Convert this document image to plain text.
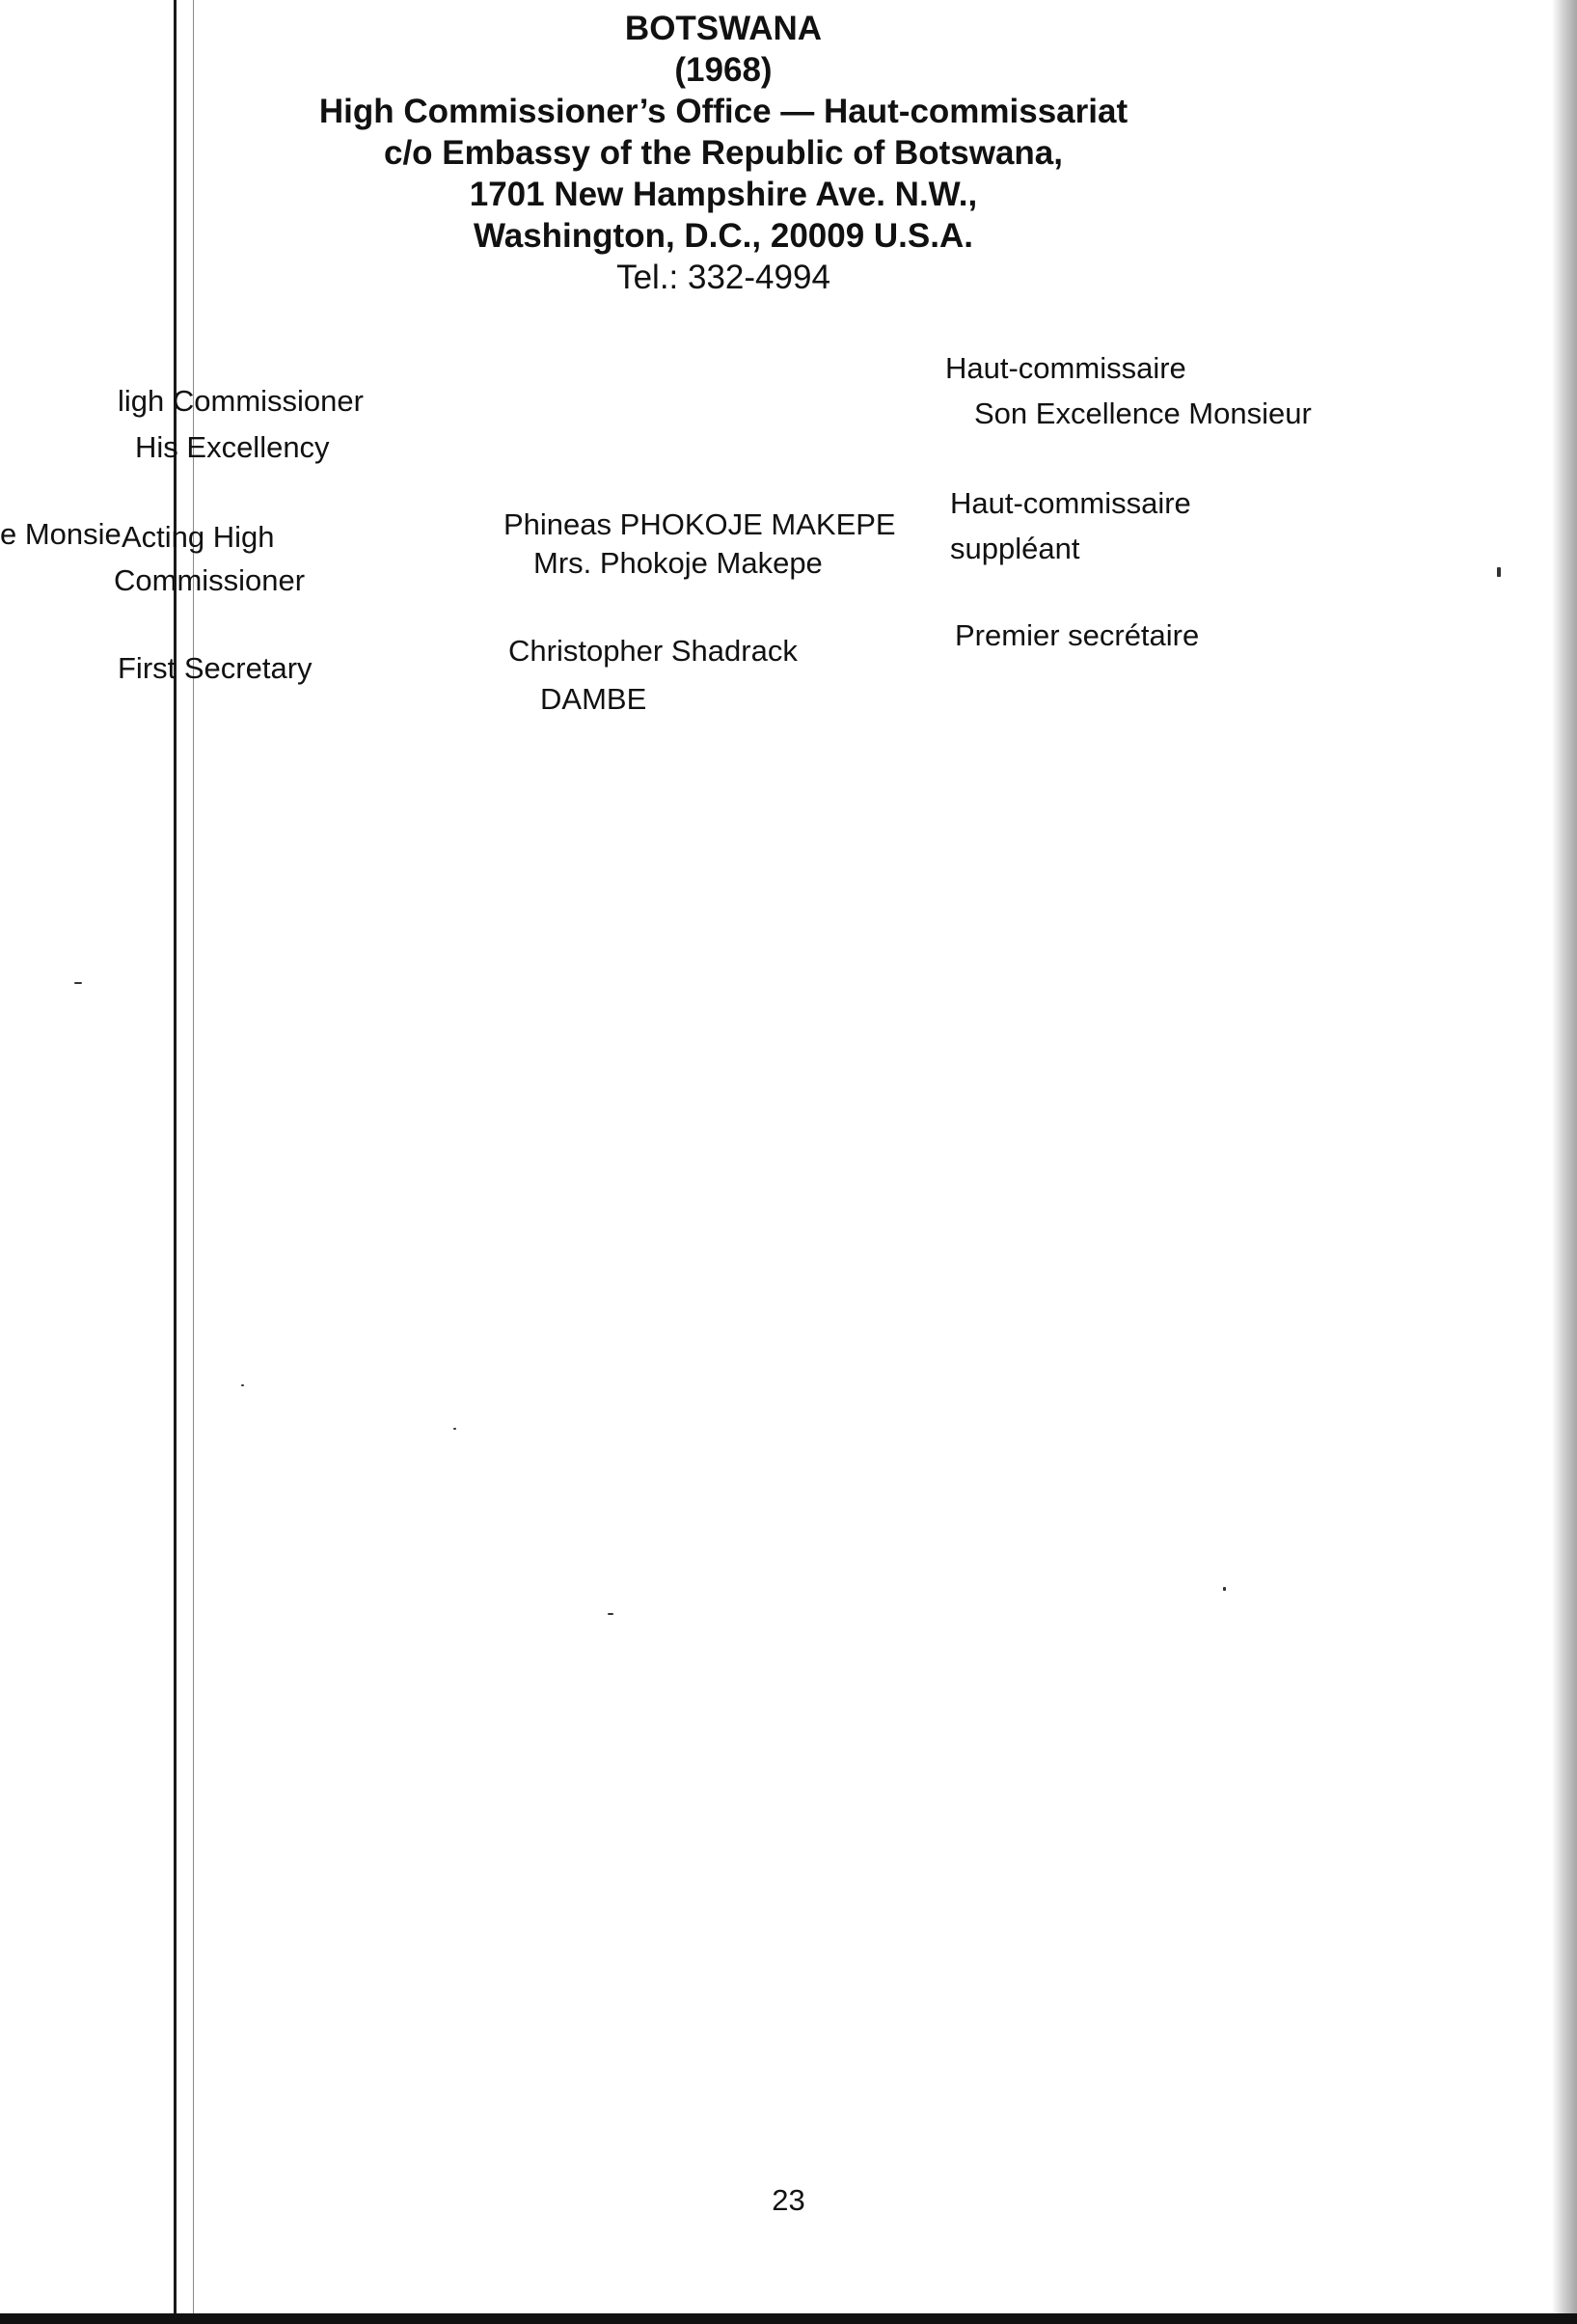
BOTSWANA
(1968)
High Commissioner’s Office — Haut-commissariat
c/o Embassy of the Republic of Botswana,
1701 New Hampshire Ave. N.W.,
Washington, D.C., 20009 U.S.A.
Tel.: 332-4994
ligh Commissioner
His Excellency
Haut-commissaire
Son Excellence Monsieur
e Monsie Acting High
Commissioner
Phineas PHOKOJE MAKEPE
Mrs. Phokoje Makepe
Haut-commissaire
suppléant
First Secretary
Christopher Shadrack
DAMBE
Premier secrétaire
23
